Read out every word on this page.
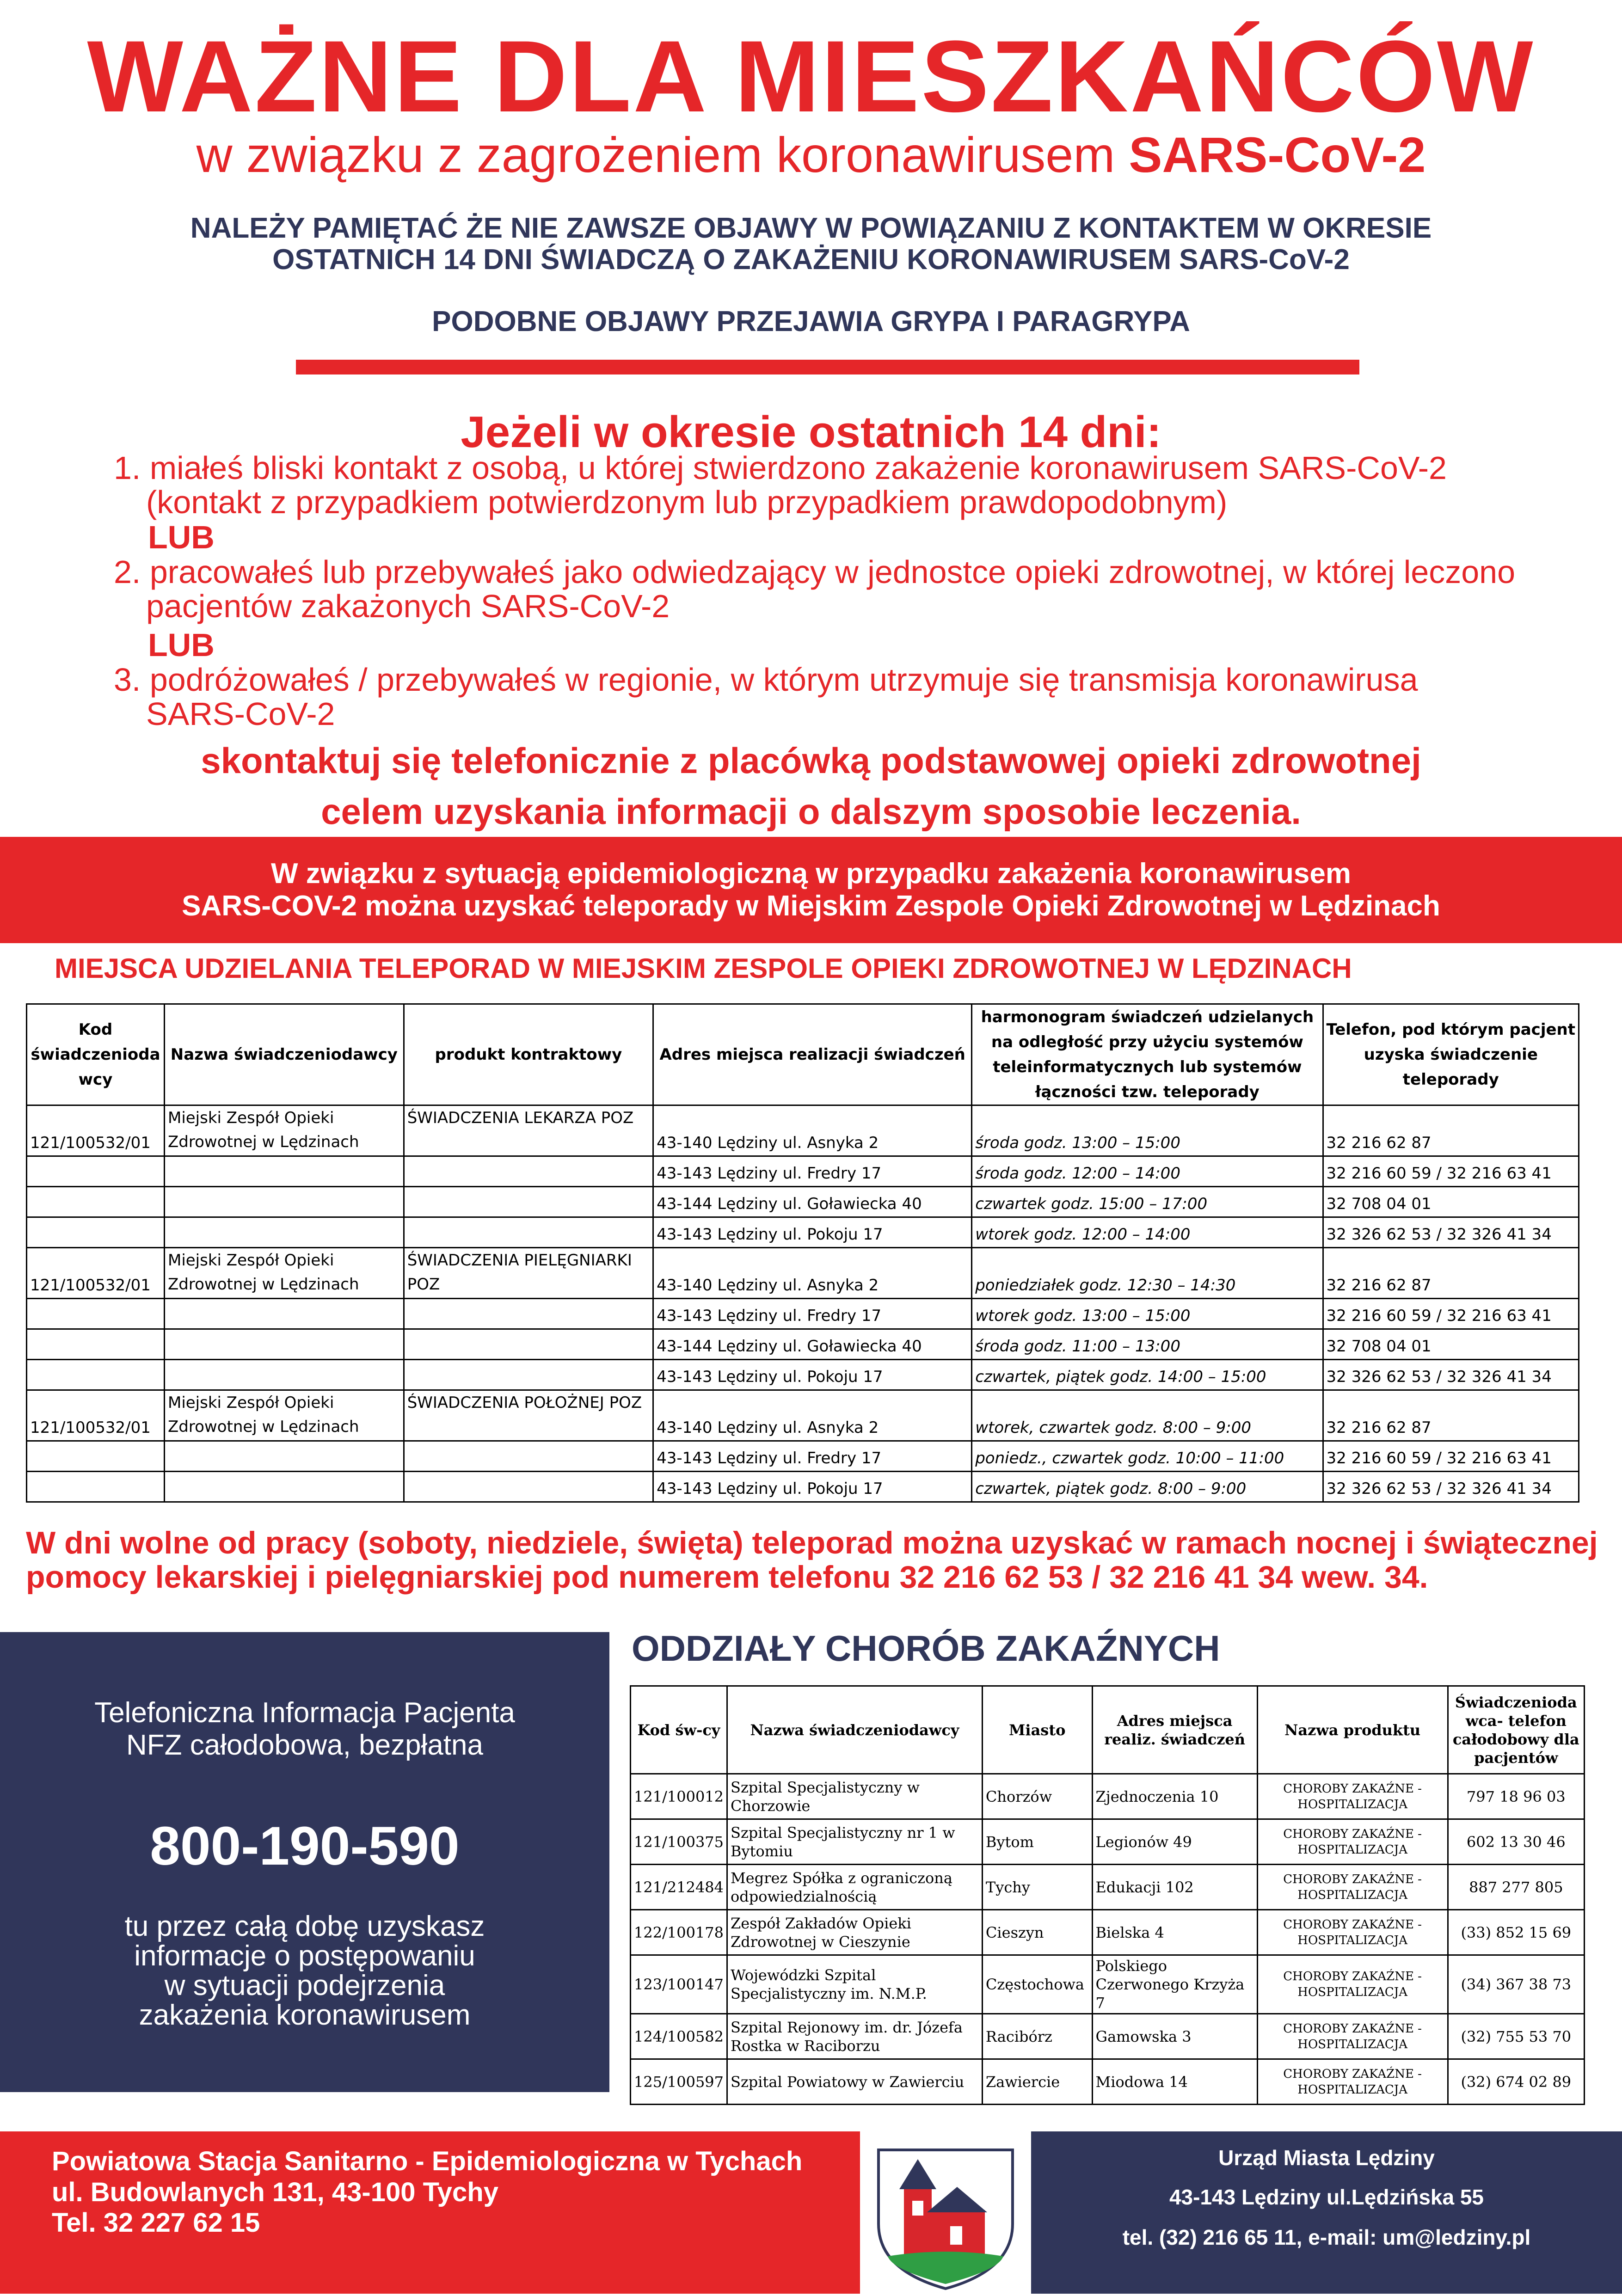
WAŻNE DLA MIESZKAŃCÓW
w związku z zagrożeniem koronawirusem SARS-CoV-2
NALEŻY PAMIĘTAĆ ŻE NIE ZAWSZE OBJAWY W POWIĄZANIU Z KONTAKTEM W OKRESIE
OSTATNICH 14 DNI ŚWIADCZĄ O ZAKAŻENIU KORONAWIRUSEM SARS-CoV-2
PODOBNE OBJAWY PRZEJAWIA GRYPA I PARAGRYPA
Jeżeli w okresie ostatnich 14 dni:
1. miałeś bliski kontakt z osobą, u której stwierdzono zakażenie koronawirusem SARS-CoV-2
(kontakt z przypadkiem potwierdzonym lub przypadkiem prawdopodobnym)
LUB
2. pracowałeś lub przebywałeś jako odwiedzający w jednostce opieki zdrowotnej, w której leczono
pacjentów zakażonych SARS-CoV-2
LUB
3. podróżowałeś / przebywałeś w regionie, w którym utrzymuje się transmisja koronawirusa
SARS-CoV-2
skontaktuj się telefonicznie z placówką podstawowej opieki zdrowotnej
celem uzyskania informacji o dalszym sposobie leczenia.
W związku z sytuacją epidemiologiczną w przypadku zakażenia koronawirusem
SARS-COV-2 można uzyskać teleporady w Miejskim Zespole Opieki Zdrowotnej w Lędzinach
MIEJSCA UDZIELANIA TELEPORAD W MIEJSKIM ZESPOLE OPIEKI ZDROWOTNEJ W LĘDZINACH
Kod świadczenioda wcy	Nazwa świadczeniodawcy	produkt kontraktowy	Adres miejsca realizacji świadczeń	harmonogram świadczeń udzielanych na odległość przy użyciu systemów teleinformatycznych lub systemów łączności tzw. teleporady	Telefon, pod którym pacjent uzyska świadczenie teleporady
121/100532/01	Miejski Zespół Opieki Zdrowotnej w Lędzinach	ŚWIADCZENIA LEKARZA POZ	43-140 Lędziny ul. Asnyka 2	środa godz. 13:00 – 15:00	32 216 62 87
			43-143 Lędziny ul. Fredry 17	środa godz. 12:00 – 14:00	32 216 60 59 / 32 216 63 41
			43-144 Lędziny ul. Goławiecka 40	czwartek godz. 15:00 – 17:00	32 708 04 01
			43-143 Lędziny ul. Pokoju 17	wtorek godz. 12:00 – 14:00	32 326 62 53 / 32 326 41 34
121/100532/01	Miejski Zespół Opieki Zdrowotnej w Lędzinach	ŚWIADCZENIA PIELĘGNIARKI POZ	43-140 Lędziny ul. Asnyka 2	poniedziałek godz. 12:30 – 14:30	32 216 62 87
			43-143 Lędziny ul. Fredry 17	wtorek godz. 13:00 – 15:00	32 216 60 59 / 32 216 63 41
			43-144 Lędziny ul. Goławiecka 40	środa godz. 11:00 – 13:00	32 708 04 01
			43-143 Lędziny ul. Pokoju 17	czwartek, piątek godz. 14:00 – 15:00	32 326 62 53 / 32 326 41 34
121/100532/01	Miejski Zespół Opieki Zdrowotnej w Lędzinach	ŚWIADCZENIA POŁOŻNEJ POZ	43-140 Lędziny ul. Asnyka 2	wtorek, czwartek godz. 8:00 – 9:00	32 216 62 87
			43-143 Lędziny ul. Fredry 17	poniedz., czwartek godz. 10:00 – 11:00	32 216 60 59 / 32 216 63 41
			43-143 Lędziny ul. Pokoju 17	czwartek, piątek godz. 8:00 – 9:00	32 326 62 53 / 32 326 41 34
W dni wolne od pracy (soboty, niedziele, święta) teleporad można uzyskać w ramach nocnej i świątecznej
pomocy lekarskiej i pielęgniarskiej pod numerem telefonu 32 216 62 53 / 32 216 41 34 wew. 34.
Telefoniczna Informacja Pacjenta
NFZ całodobowa, bezpłatna
800-190-590
tu przez całą dobę uzyskasz
informacje o postępowaniu
w sytuacji podejrzenia
zakażenia koronawirusem
ODDZIAŁY CHORÓB ZAKAŹNYCH
Kod św-cy	Nazwa świadczeniodawcy	Miasto	Adres miejsca realiz. świadczeń	Nazwa produktu	Świadczenioda wca- telefon całodobowy dla pacjentów
121/100012	Szpital Specjalistyczny w Chorzowie	Chorzów	Zjednoczenia 10	CHOROBY ZAKAŹNE - HOSPITALIZACJA	797 18 96 03
121/100375	Szpital Specjalistyczny nr 1 w Bytomiu	Bytom	Legionów 49	CHOROBY ZAKAŹNE - HOSPITALIZACJA	602 13 30 46
121/212484	Megrez Spółka z ograniczoną odpowiedzialnością	Tychy	Edukacji 102	CHOROBY ZAKAŹNE - HOSPITALIZACJA	887 277 805
122/100178	Zespół Zakładów Opieki Zdrowotnej w Cieszynie	Cieszyn	Bielska 4	CHOROBY ZAKAŹNE - HOSPITALIZACJA	(33) 852 15 69
123/100147	Wojewódzki Szpital Specjalistyczny im. N.M.P.	Częstochowa	Polskiego Czerwonego Krzyża 7	CHOROBY ZAKAŹNE - HOSPITALIZACJA	(34) 367 38 73
124/100582	Szpital Rejonowy im. dr. Józefa Rostka w Raciborzu	Racibórz	Gamowska 3	CHOROBY ZAKAŹNE - HOSPITALIZACJA	(32) 755 53 70
125/100597	Szpital Powiatowy w Zawierciu	Zawiercie	Miodowa 14	CHOROBY ZAKAŹNE - HOSPITALIZACJA	(32) 674 02 89
Powiatowa Stacja Sanitarno - Epidemiologiczna w Tychach
ul. Budowlanych 131, 43-100 Tychy
Tel. 32 227 62 15
Urząd Miasta Lędziny
43-143 Lędziny ul.Lędzińska 55
tel. (32) 216 65 11, e-mail: um@ledziny.pl
